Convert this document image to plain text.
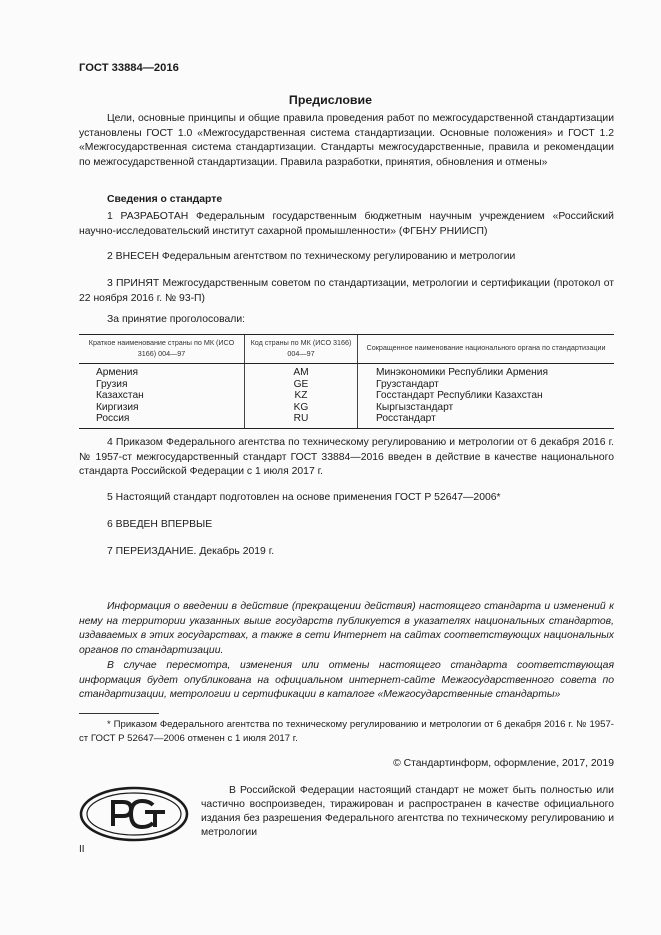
ГОСТ 33884—2016
Предисловие
Цели, основные принципы и общие правила проведения работ по межгосударственной стандартизации установлены ГОСТ 1.0 «Межгосударственная система стандартизации. Основные положения» и ГОСТ 1.2 «Межгосударственная система стандартизации. Стандарты межгосударственные, правила и рекомендации по межгосударственной стандартизации. Правила разработки, принятия, обновления и отмены»
Сведения о стандарте
1 РАЗРАБОТАН Федеральным государственным бюджетным научным учреждением «Российский научно-исследовательский институт сахарной промышленности» (ФГБНУ РНИИСП)
2 ВНЕСЕН Федеральным агентством по техническому регулированию и метрологии
3 ПРИНЯТ Межгосударственным советом по стандартизации, метрологии и сертификации (протокол от 22 ноября 2016 г. № 93-П)
За принятие проголосовали:
Краткое наименование страны по МК (ИСО 3166) 004—97	Код страны по МК (ИСО 3166) 004—97	Сокращенное наименование национального органа по стандартизации
Армения	AM	Минэкономики Республики Армения
Грузия	GE	Грузстандарт
Казахстан	KZ	Госстандарт Республики Казахстан
Киргизия	KG	Кыргызстандарт
Россия	RU	Росстандарт
4 Приказом Федерального агентства по техническому регулированию и метрологии от 6 декабря 2016 г. № 1957-ст межгосударственный стандарт ГОСТ 33884—2016 введен в действие в качестве национального стандарта Российской Федерации с 1 июля 2017 г.
5 Настоящий стандарт подготовлен на основе применения ГОСТ Р 52647—2006*
6 ВВЕДЕН ВПЕРВЫЕ
7 ПЕРЕИЗДАНИЕ. Декабрь 2019 г.
Информация о введении в действие (прекращении действия) настоящего стандарта и изменений к нему на территории указанных выше государств публикуется в указателях национальных стандартов, издаваемых в этих государствах, а также в сети Интернет на сайтах соответствующих национальных органов по стандартизации.
В случае пересмотра, изменения или отмены настоящего стандарта соответствующая информация будет опубликована на официальном интернет-сайте Межгосударственного совета по стандартизации, метрологии и сертификации в каталоге «Межгосударственные стандарты»
* Приказом Федерального агентства по техническому регулированию и метрологии от 6 декабря 2016 г. № 1957-ст ГОСТ Р 52647—2006 отменен с 1 июля 2017 г.
© Стандартинформ, оформление, 2017, 2019
В Российской Федерации настоящий стандарт не может быть полностью или частично воспроизведен, тиражирован и распространен в качестве официального издания без разрешения Федерального агентства по техническому регулированию и метрологии
II
